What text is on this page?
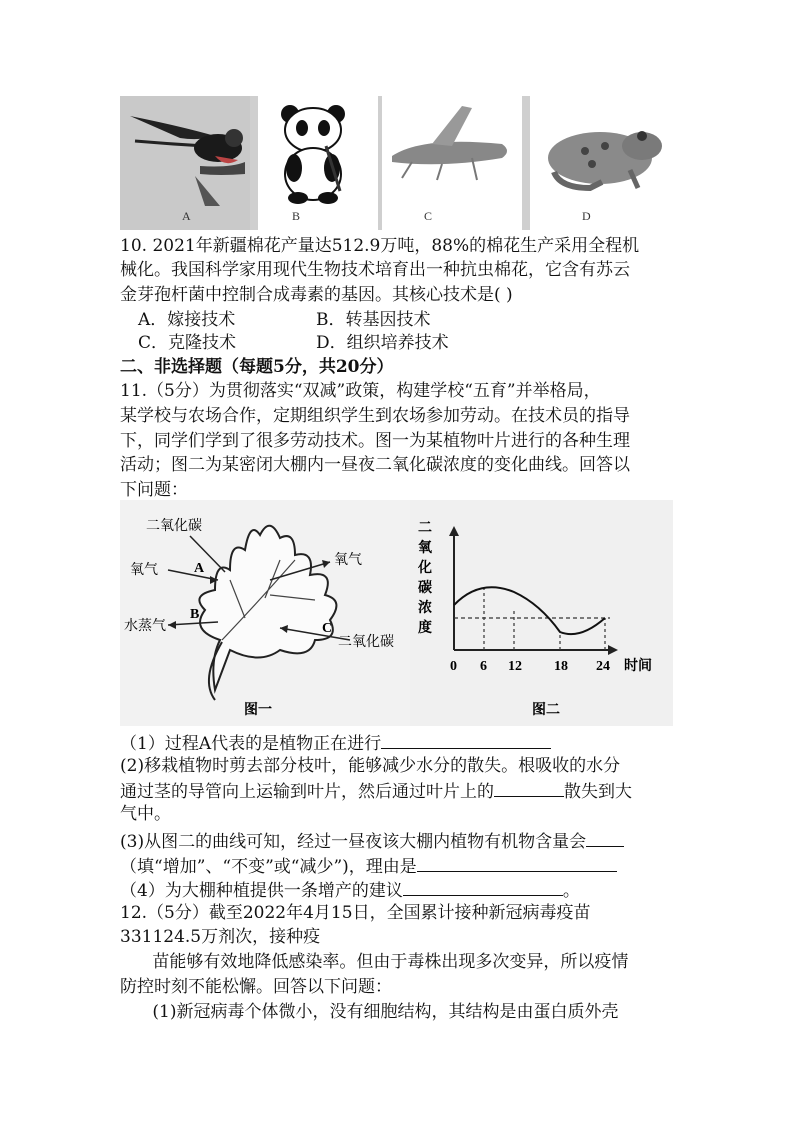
A	B	C	D
10. 2021年新疆棉花产量达512.9万吨，88%的棉花生产采用全程机
械化。我国科学家用现代生物技术培育出一种抗虫棉花，它含有苏云
金芽孢杆菌中控制合成毒素的基因。其核心技术是( )
A．嫁接技术	B．转基因技术
C．克隆技术	D．组织培养技术
二、非选择题（每题5分，共20分）
11.（5分）为贯彻落实“双减”政策，构建学校“五育”并举格局，
某学校与农场合作，定期组织学生到农场参加劳动。在技术员的指导
下，同学们学到了很多劳动技术。图一为某植物叶片进行的各种生理
活动；图二为某密闭大棚内一昼夜二氧化碳浓度的变化曲线。回答以
下问题：
二氧化碳
氧气
氧气
水蒸气
二氧化碳
A
B
C
图一
二
氧
化
碳
浓
度
0 6 12 18 24 时间
图二
（1）过程A代表的是植物正在进行
(2)移栽植物时剪去部分枝叶，能够减少水分的散失。根吸收的水分
通过茎的导管向上运输到叶片，然后通过叶片上的	散失到大
气中。
(3)从图二的曲线可知，经过一昼夜该大棚内植物有机物含量会
（填“增加”、“不变”或“减少”)，理由是
（4）为大棚种植提供一条增产的建议	。
12.（5分）截至2022年4月15日，全国累计接种新冠病毒疫苗
331124.5万剂次，接种疫
苗能够有效地降低感染率。但由于毒株出现多次变异，所以疫情
防控时刻不能松懈。回答以下问题：
(1)新冠病毒个体微小，没有细胞结构，其结构是由蛋白质外壳
